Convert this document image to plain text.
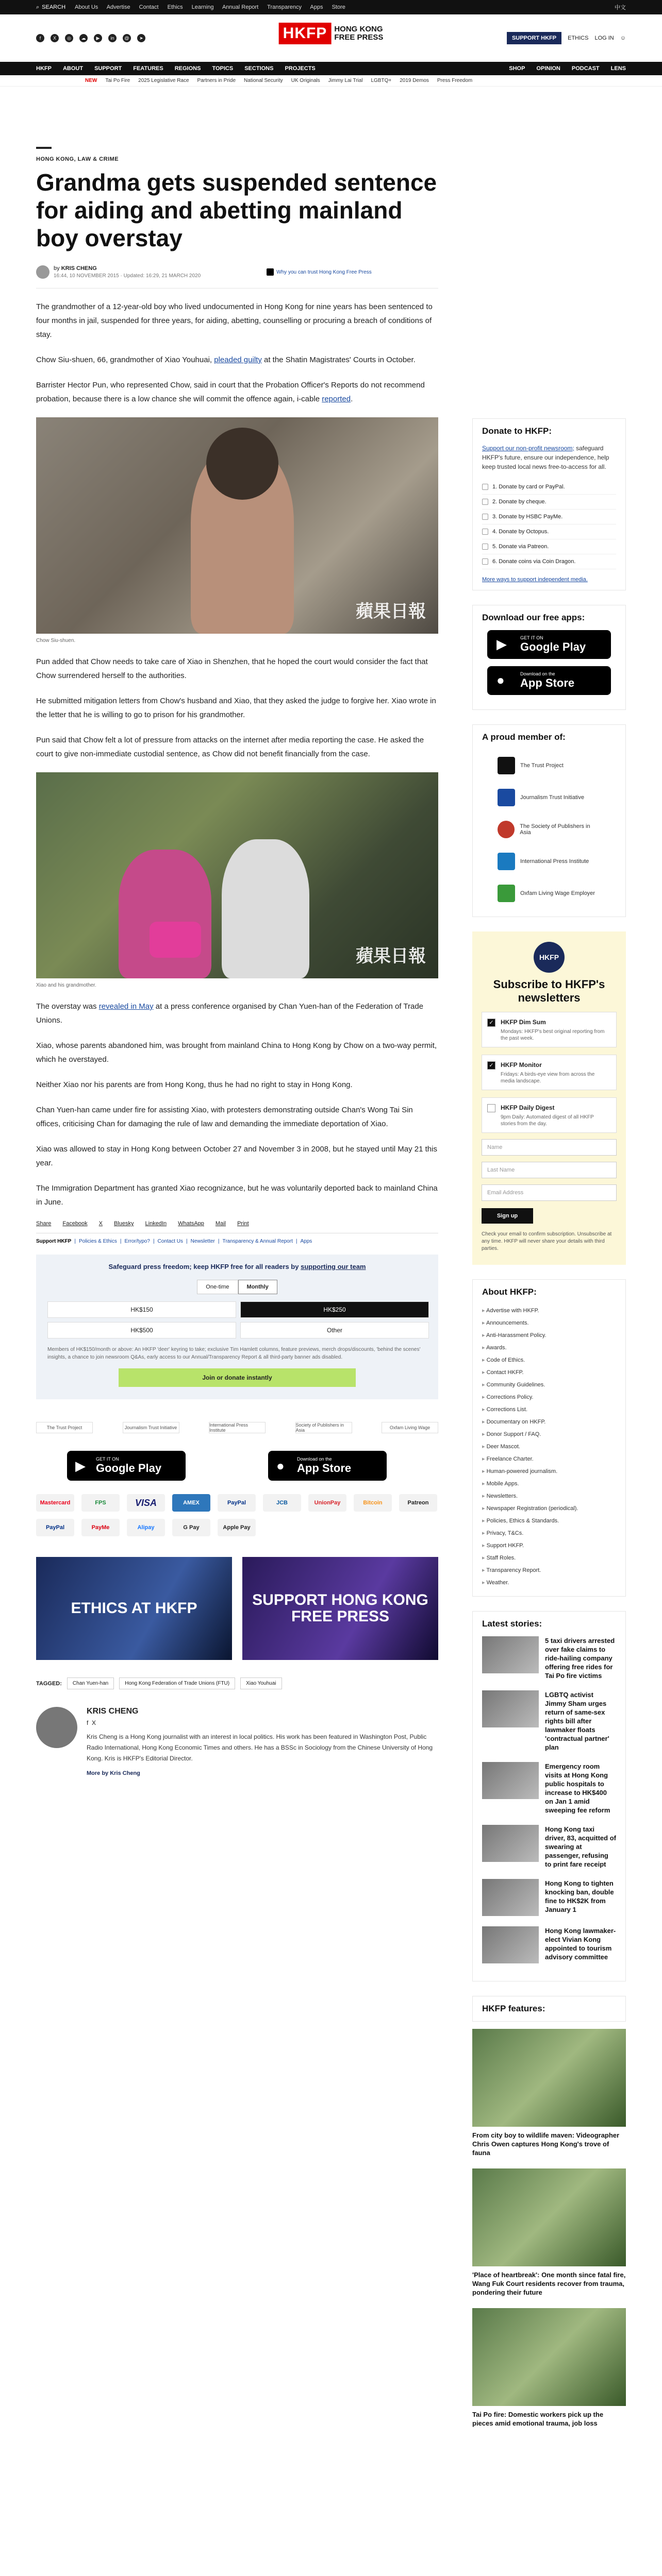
⌕ SEARCH About Us Advertise Contact Ethics Learning Annual Report Transparency Apps Store	中文
f	X	◎	☁	▶	in	@	➤	HKFP HONG KONG
FREE PRESS	SUPPORT HKFP	ETHICS LOG IN ☺
HKFP ABOUT SUPPORT FEATURES REGIONS TOPICS SECTIONS PROJECTS	SHOP OPINION PODCAST LENS
NEW Tai Po Fire 2025 Legislative Race Partners in Pride National Security UK Originals Jimmy Lai Trial LGBTQ+ 2019 Demos Press Freedom
HONG KONG, LAW & CRIME
Grandma gets suspended sentence for aiding and abetting mainland boy overstay
by KRIS CHENG
16:44, 10 NOVEMBER 2015 · Updated: 16:29, 21 MARCH 2020
Why you can trust Hong Kong Free Press

The grandmother of a 12-year-old boy who lived undocumented in Hong Kong for nine years has been sentenced to four months in jail, suspended for three years, for aiding, abetting, counselling or procuring a breach of conditions of stay.

Chow Siu-shuen, 66, grandmother of Xiao Youhuai, pleaded guilty at the Shatin Magistrates' Courts in October.

Barrister Hector Pun, who represented Chow, said in court that the Probation Officer's Reports do not recommend probation, because there is a low chance she will commit the offence again, i-cable reported.

蘋果日報
Chow Siu-shuen.

Pun added that Chow needs to take care of Xiao in Shenzhen, that he hoped the court would consider the fact that Chow surrendered herself to the authorities.

He submitted mitigation letters from Chow's husband and Xiao, that they asked the judge to forgive her. Xiao wrote in the letter that he is willing to go to prison for his grandmother.

Pun said that Chow felt a lot of pressure from attacks on the internet after media reporting the case. He asked the court to give non-immediate custodial sentence, as Chow did not benefit financially from the case.

蘋果日報
Xiao and his grandmother.

The overstay was revealed in May at a press conference organised by Chan Yuen-han of the Federation of Trade Unions.

Xiao, whose parents abandoned him, was brought from mainland China to Hong Kong by Chow on a two-way permit, which he overstayed.

Neither Xiao nor his parents are from Hong Kong, thus he had no right to stay in Hong Kong.

Chan Yuen-han came under fire for assisting Xiao, with protesters demonstrating outside Chan's Wong Tai Sin offices, criticising Chan for damaging the rule of law and demanding the immediate deportation of Xiao.

Xiao was allowed to stay in Hong Kong between October 27 and November 3 in 2008, but he stayed until May 21 this year.

The Immigration Department has granted Xiao recognizance, but he was voluntarily deported back to mainland China in June.

Share Facebook X Bluesky LinkedIn WhatsApp Mail Print
Support HKFP | Policies & Ethics | Error/typo? | Contact Us | Newsletter | Transparency & Annual Report | Apps
Safeguard press freedom; keep HKFP free for all readers by supporting our team
One-time	Monthly
HK$150	HK$250
HK$500	Other
Members of HK$150/month or above: An HKFP 'deer' keyring to take; exclusive Tim Hamlett columns, feature previews, merch drops/discounts, 'behind the scenes' insights, a chance to join newsroom Q&As, early access to our Annual/Transparency Report & all third-party banner ads disabled.
Join or donate instantly
The Trust Project	Journalism Trust Initiative	International Press Institute
Society of Publishers in Asia	Oxfam Living Wage
▶ GET IT ON
Google Play	●	Download on the
App Store
Mastercard	FPS	VISA	AMEX	PayPal	JCB	UnionPay	Bitcoin	Patreon
PayPal	PayMe	Alipay	G Pay	Apple Pay
ETHICS AT HKFP	SUPPORT HONG KONG FREE PRESS
TAGGED:	Chan Yuen-han	Hong Kong Federation of Trade Unions (FTU)	Xiao Youhuai
KRIS CHENG
f X
Kris Cheng is a Hong Kong journalist with an interest in local politics. His work has been featured in Washington Post, Public Radio International, Hong Kong Economic Times and others. He has a BSSc in Sociology from the Chinese University of Hong Kong. Kris is HKFP's Editorial Director.
More by Kris Cheng
Donate to HKFP:
Support our non-profit newsroom; safeguard HKFP's future, ensure our independence, help keep trusted local news free-to-access for all.
1. Donate by card or PayPal.
2. Donate by cheque.
3. Donate by HSBC PayMe.
4. Donate by Octopus.
5. Donate via Patreon.
6. Donate coins via Coin Dragon.
More ways to support independent media.
Download our free apps:
▶	GET IT ON
Google Play
●	Download on the
App Store
A proud member of:
The Trust Project
Journalism Trust Initiative
The Society of Publishers in Asia
International Press Institute
Oxfam Living Wage Employer
HKFP
Subscribe to HKFP's newsletters
✓ HKFP Dim Sum

Mondays: HKFP's best original reporting from the past week.

✓ HKFP Monitor

Fridays: A birds-eye view from across the media landscape.

HKFP Daily Digest

9pm Daily: Automated digest of all HKFP stories from the day.

Name
Last Name
Email Address
Sign up
Check your email to confirm subscription. Unsubscribe at any time. HKFP will never share your details with third parties.
About HKFP:
▸ Advertise with HKFP.
▸ Announcements.
▸ Anti-Harassment Policy.
▸ Awards.
▸ Code of Ethics.
▸ Contact HKFP.
▸ Community Guidelines.
▸ Corrections Policy.
▸ Corrections List.
▸ Documentary on HKFP.
▸ Donor Support / FAQ.
▸ Deer Mascot.
▸ Freelance Charter.
▸ Human-powered journalism.
▸ Mobile Apps.
▸ Newsletters.
▸ Newspaper Registration (periodical).
▸ Policies, Ethics & Standards.
▸ Privacy, T&Cs.
▸ Support HKFP.
▸ Staff Roles.
▸ Transparency Report.
▸ Weather.
Latest stories:
5 taxi drivers arrested over fake claims to ride-hailing company offering free rides for Tai Po fire victims
LGBTQ activist Jimmy Sham urges return of same-sex rights bill after lawmaker floats 'contractual partner' plan
Emergency room visits at Hong Kong public hospitals to increase to HK$400 on Jan 1 amid sweeping fee reform
Hong Kong taxi driver, 83, acquitted of swearing at passenger, refusing to print fare receipt
Hong Kong to tighten knocking ban, double fine to HK$2K from January 1
Hong Kong lawmaker-elect Vivian Kong appointed to tourism advisory committee
HKFP features:
From city boy to wildlife maven: Videographer Chris Owen captures Hong Kong's trove of fauna
'Place of heartbreak': One month since fatal fire, Wang Fuk Court residents recover from trauma, pondering their future
Tai Po fire: Domestic workers pick up the pieces amid emotional trauma, job loss
